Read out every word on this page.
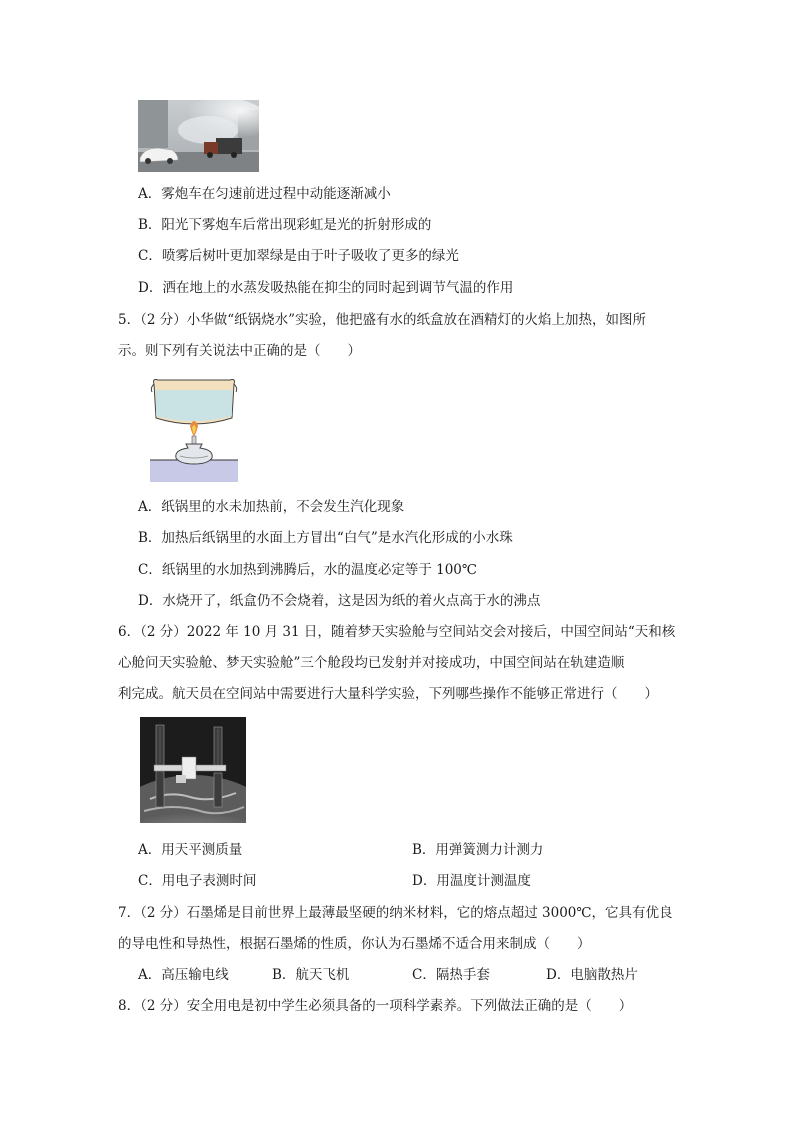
A．雾炮车在匀速前进过程中动能逐渐减小
B．阳光下雾炮车后常出现彩虹是光的折射形成的
C．喷雾后树叶更加翠绿是由于叶子吸收了更多的绿光
D．洒在地上的水蒸发吸热能在抑尘的同时起到调节气温的作用
5．（2 分）小华做“纸锅烧水”实验，他把盛有水的纸盒放在酒精灯的火焰上加热，如图所
示。则下列有关说法中正确的是（　　）
A．纸锅里的水未加热前，不会发生汽化现象
B．加热后纸锅里的水面上方冒出“白气”是水汽化形成的小水珠
C．纸锅里的水加热到沸腾后，水的温度必定等于 100℃
D．水烧开了，纸盒仍不会烧着，这是因为纸的着火点高于水的沸点
6．（2 分）2022 年 10 月 31 日，随着梦天实验舱与空间站交会对接后，中国空间站“天和核
心舱问天实验舱、梦天实验舱”三个舱段均已发射并对接成功，中国空间站在轨建造顺
利完成。航天员在空间站中需要进行大量科学实验，下列哪些操作不能够正常进行（　　）
A．用天平测质量	B．用弹簧测力计测力
C．用电子表测时间	D．用温度计测温度
7．（2 分）石墨烯是目前世界上最薄最坚硬的纳米材料，它的熔点超过 3000℃，它具有优良
的导电性和导热性，根据石墨烯的性质，你认为石墨烯不适合用来制成（　　）
A．高压输电线	B．航天飞机	C．隔热手套	D．电脑散热片
8．（2 分）安全用电是初中学生必须具备的一项科学素养。下列做法正确的是（　　）
